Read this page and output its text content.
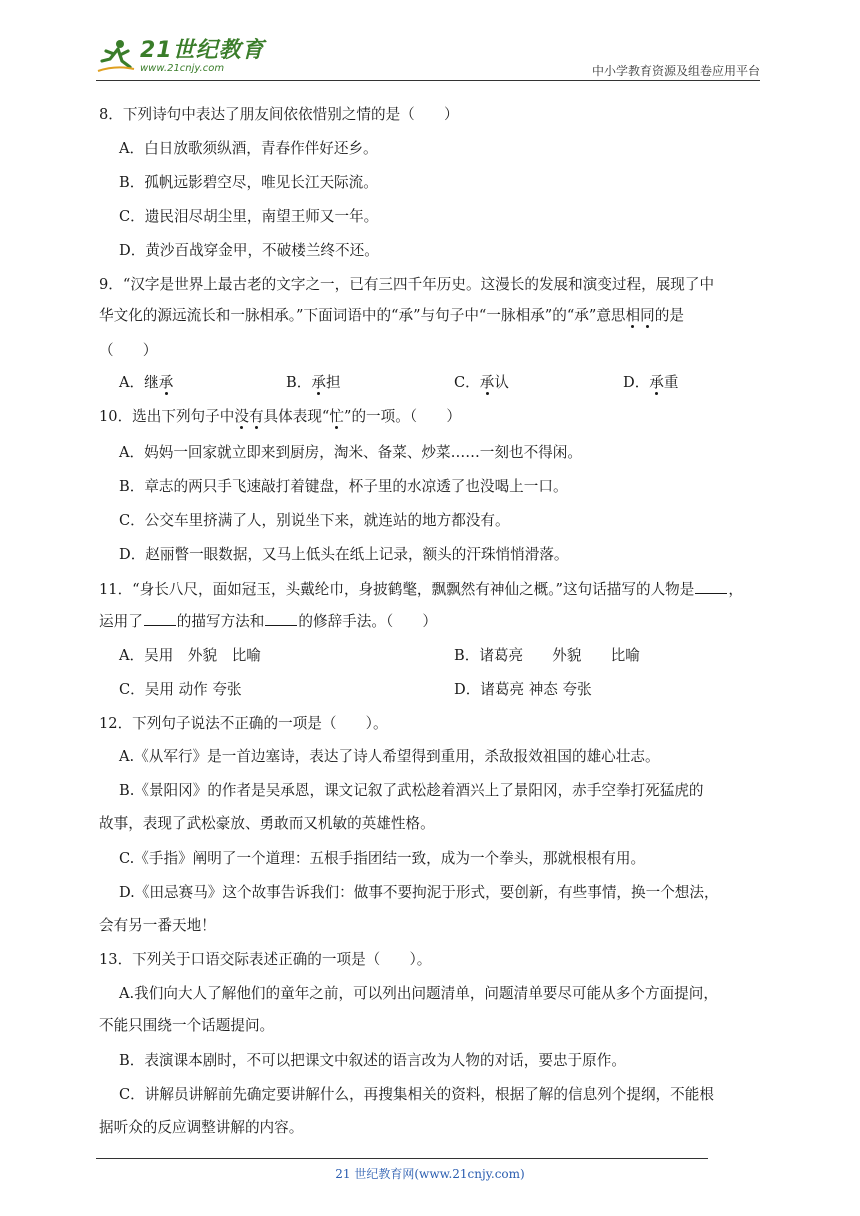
21世纪教育
www.21cnjy.com	中小学教育资源及组卷应用平台
8．下列诗句中表达了朋友间依依惜别之情的是（　　）
A．白日放歌须纵酒，青春作伴好还乡。
B．孤帆远影碧空尽，唯见长江天际流。
C．遗民泪尽胡尘里，南望王师又一年。
D．黄沙百战穿金甲，不破楼兰终不还。
9．“汉字是世界上最古老的文字之一，已有三四千年历史。这漫长的发展和演变过程，展现了中
华文化的源远流长和一脉相承。”下面词语中的“承”与句子中“一脉相承”的“承”意思相同的是
（　　）
A．继承	B．承担	C．承认	D．承重
10．选出下列句子中没有具体表现“忙”的一项。（　　）
A．妈妈一回家就立即来到厨房，淘米、备菜、炒菜……一刻也不得闲。
B．章志的两只手飞速敲打着键盘，杯子里的水凉透了也没喝上一口。
C．公交车里挤满了人，别说坐下来，就连站的地方都没有。
D．赵丽瞥一眼数据，又马上低头在纸上记录，额头的汗珠悄悄滑落。
11．“身长八尺，面如冠玉，头戴纶巾，身披鹤氅，飘飘然有神仙之概。”这句话描写的人物是 ，
运用了 的描写方法和 的修辞手法。（　　）
A．吴用　外貌　比喻	B．诸葛亮　　外貌　　比喻
C．吴用 动作 夸张	D．诸葛亮 神态 夸张
12．下列句子说法不正确的一项是（　　）。
A.《从军行》是一首边塞诗，表达了诗人希望得到重用，杀敌报效祖国的雄心壮志。
B.《景阳冈》的作者是吴承恩，课文记叙了武松趁着酒兴上了景阳冈，赤手空拳打死猛虎的
故事，表现了武松豪放、勇敢而又机敏的英雄性格。
C.《手指》阐明了一个道理：五根手指团结一致，成为一个拳头，那就根根有用。
D.《田忌赛马》这个故事告诉我们：做事不要拘泥于形式，要创新，有些事情，换一个想法，
会有另一番天地！
13．下列关于口语交际表述正确的一项是（　　）。
A.我们向大人了解他们的童年之前，可以列出问题清单，问题清单要尽可能从多个方面提问，
不能只围绕一个话题提问。
B．表演课本剧时，不可以把课文中叙述的语言改为人物的对话，要忠于原作。
C．讲解员讲解前先确定要讲解什么，再搜集相关的资料，根据了解的信息列个提纲，不能根
据听众的反应调整讲解的内容。
21 世纪教育网(www.21cnjy.com)
